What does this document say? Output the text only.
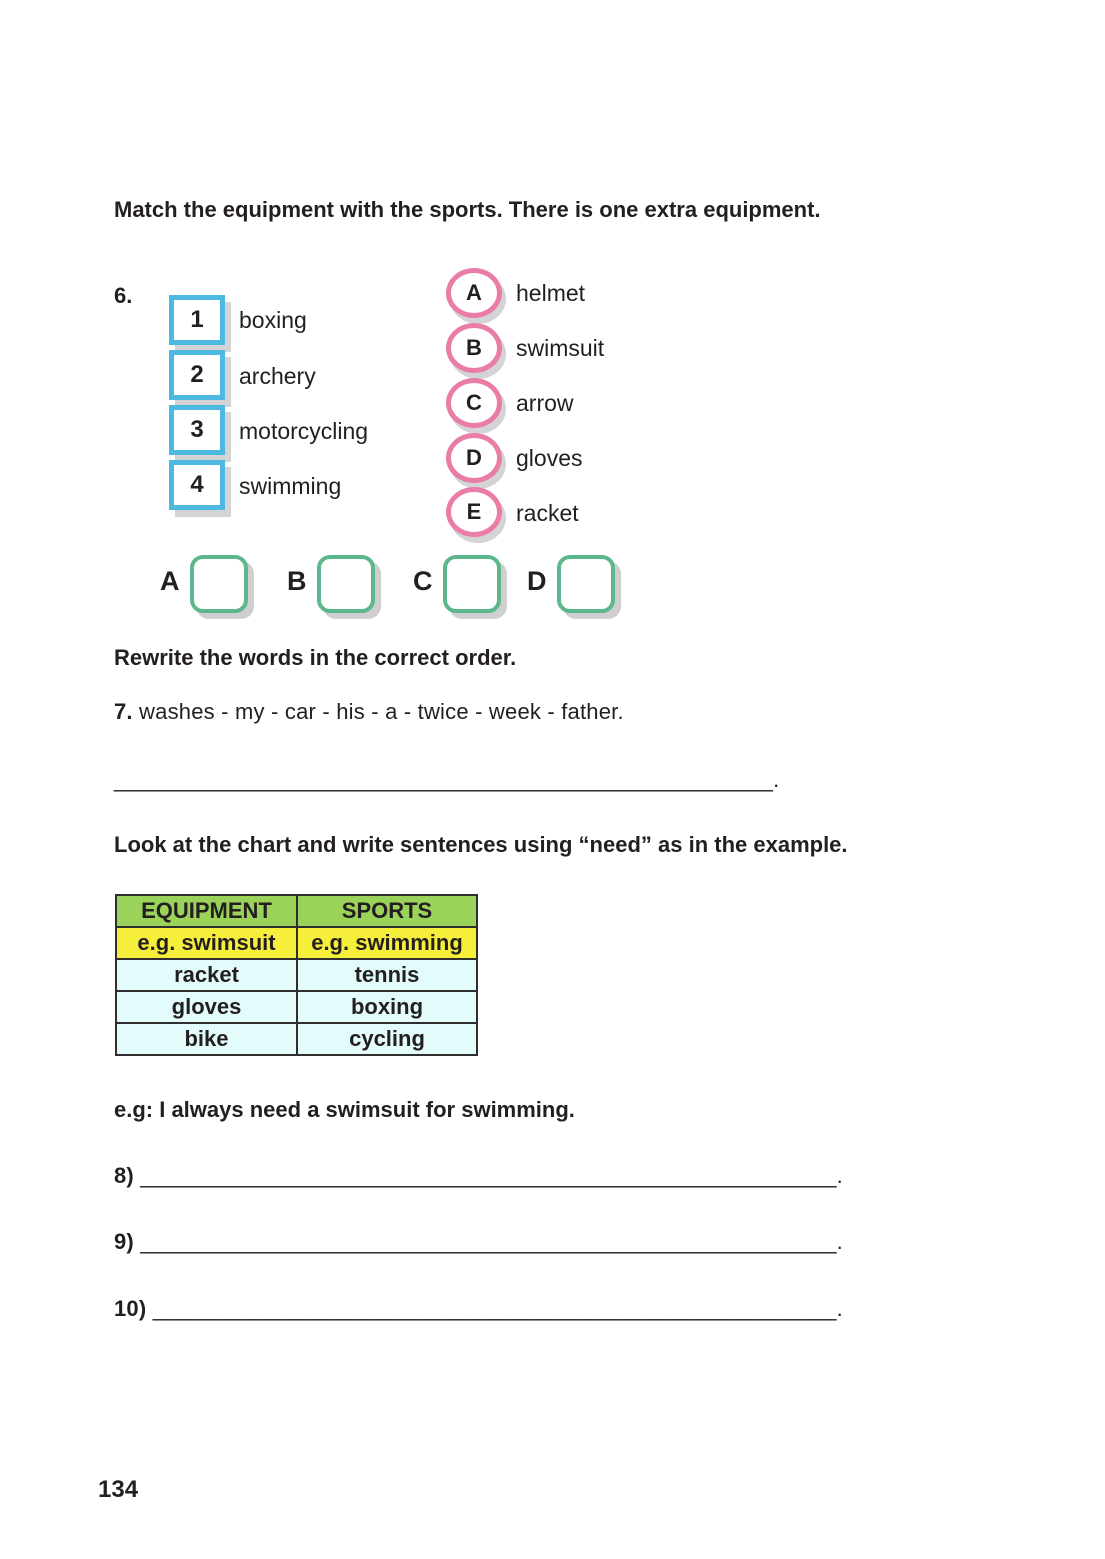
Match the equipment with the sports. There is one extra equipment.
6.
1 boxing
2 archery
3 motorcycling
4 swimming
A helmet
B swimsuit
C arrow
D gloves
E racket
A	B	C	D
Rewrite the words in the correct order.
7. washes - my - car - his - a - twice - week - father.
_____________________________________________________.
Look at the chart and write sentences using “need” as in the example.
EQUIPMENT	SPORTS
e.g. swimsuit	e.g. swimming
racket	tennis
gloves	boxing
bike	cycling
e.g: I always need a swimsuit for swimming.
8) ________________________________________________________.
9) ________________________________________________________.
10) _______________________________________________________.
134
